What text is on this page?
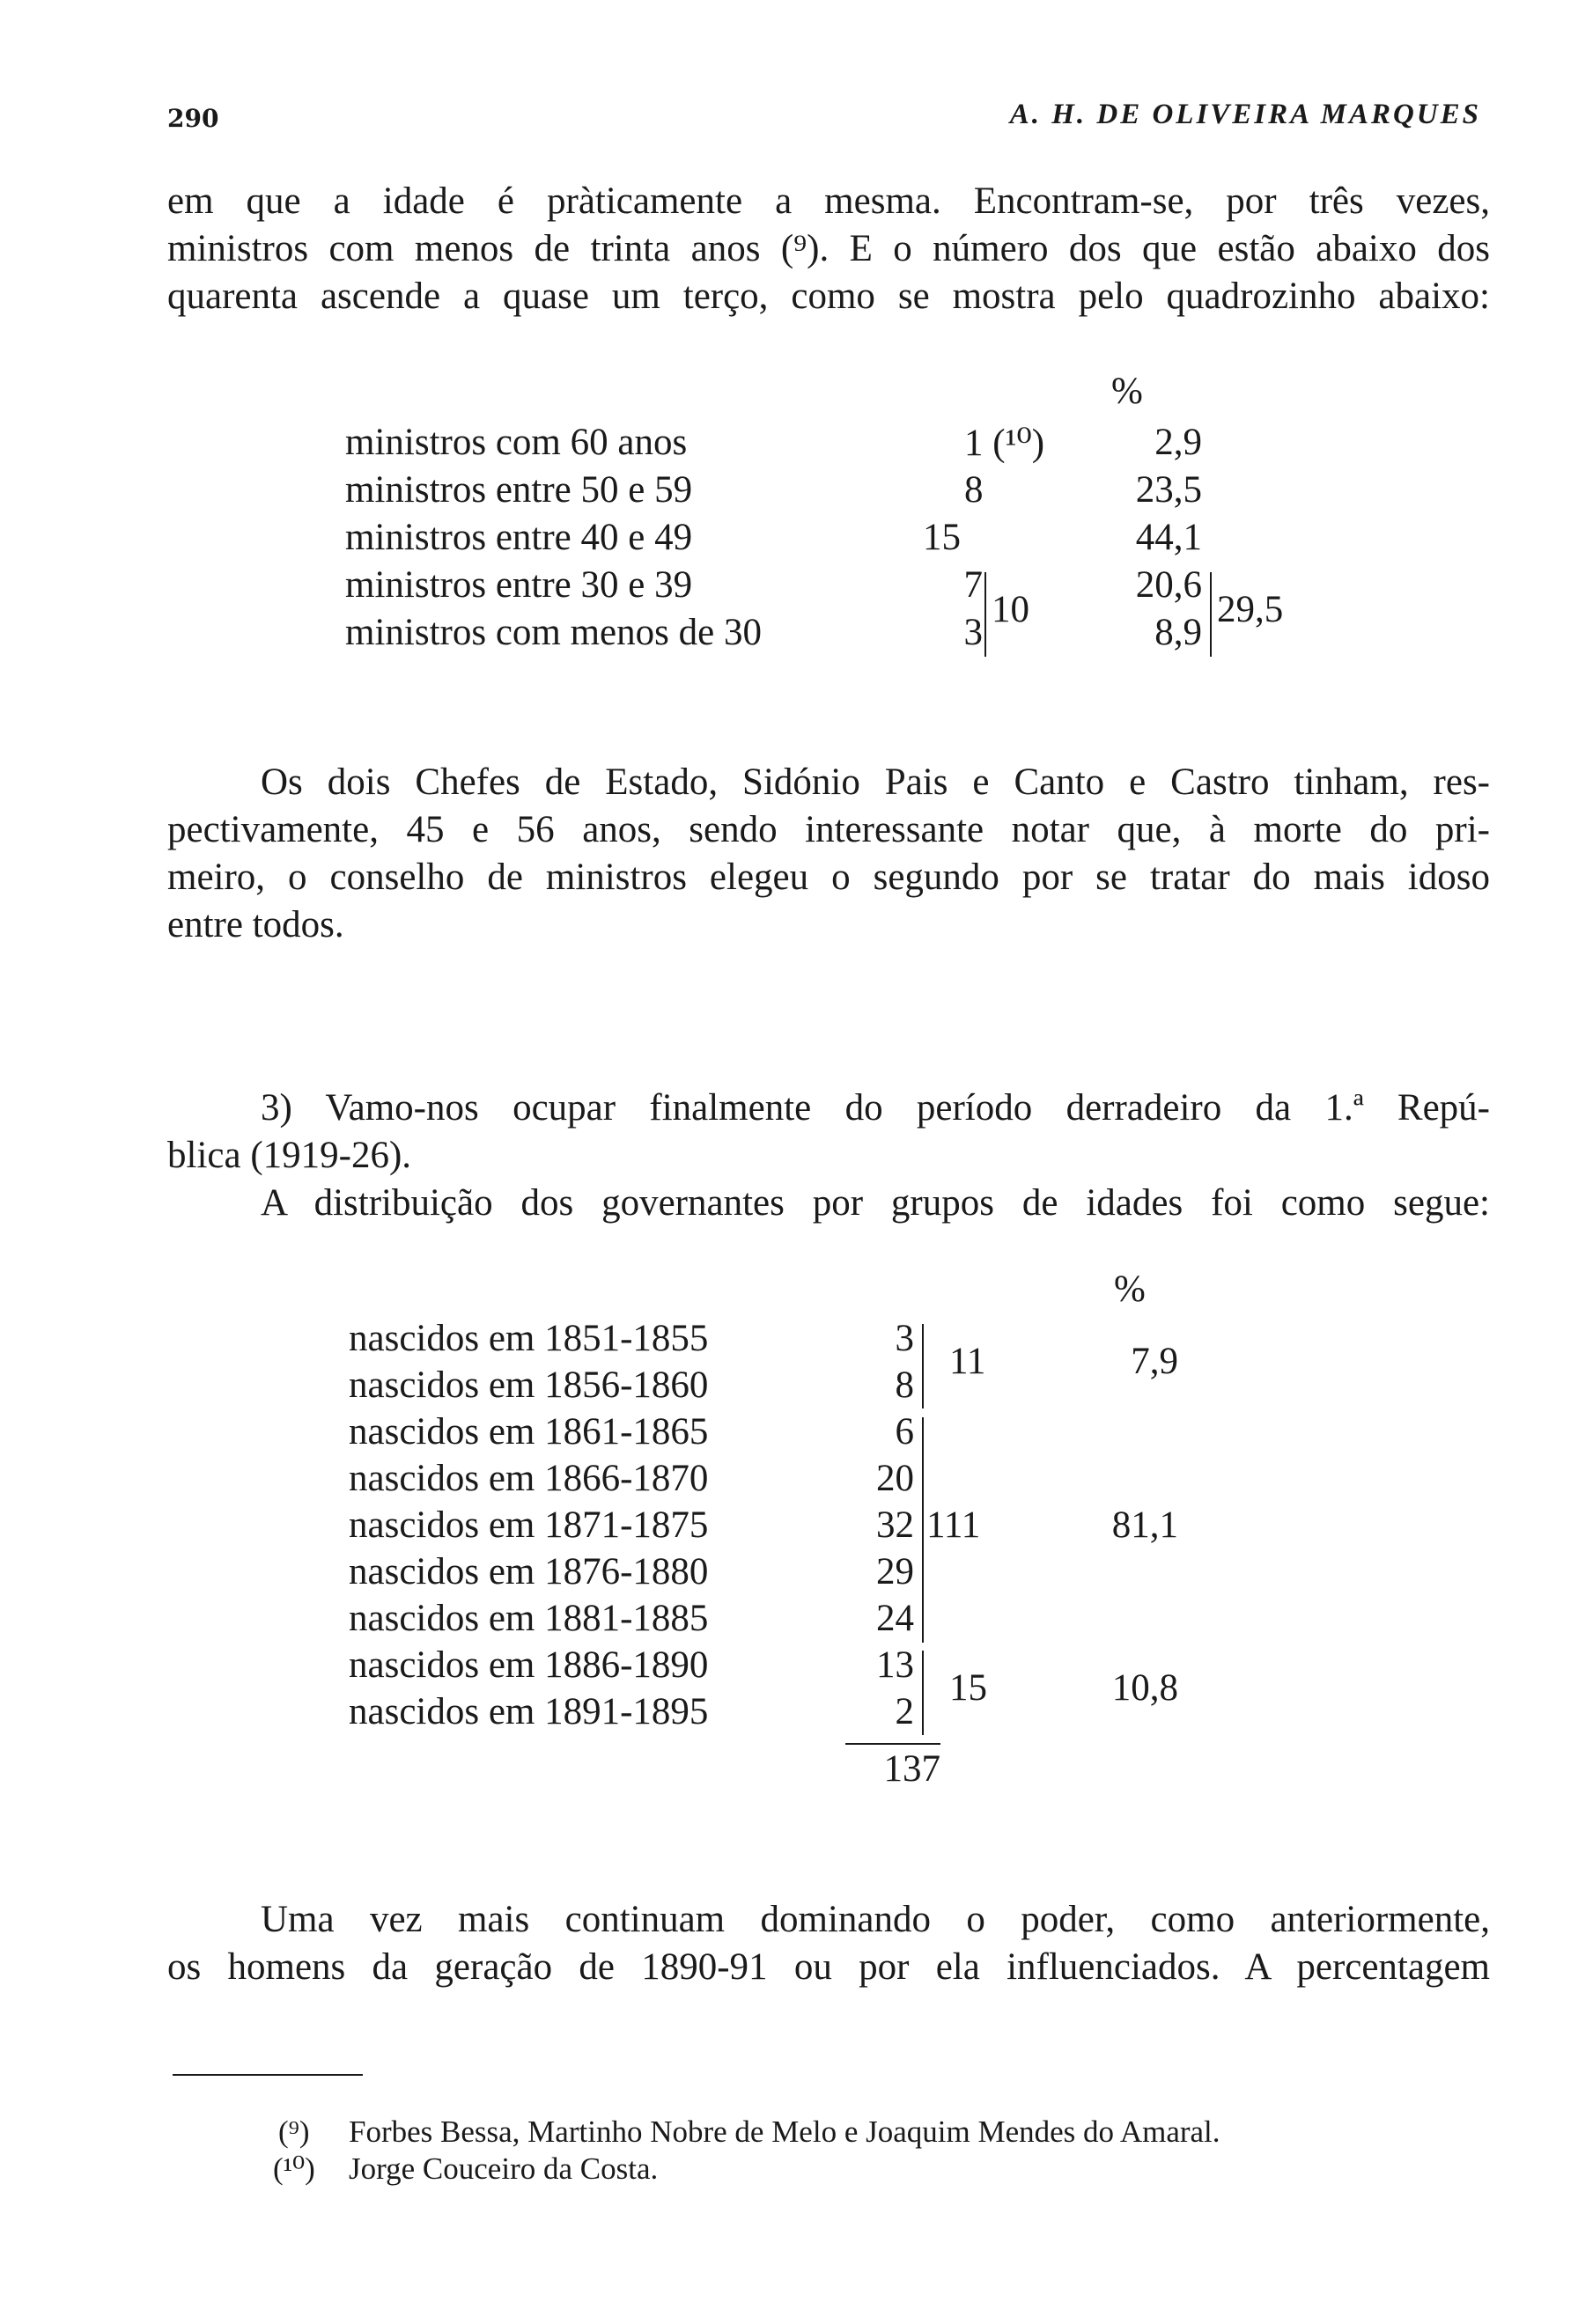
290	A. H. DE OLIVEIRA MARQUES
em que a idade é pràticamente a mesma. Encontram-se, por três vezes,
ministros com menos de trinta anos (⁹). E o número dos que estão abaixo dos
quarenta ascende a quase um terço, como se mostra pelo quadrozinho abaixo:
%
ministros com 60 anos
ministros entre 50 e 59
ministros entre 40 e 49
ministros entre 30 e 39
ministros com menos de 30
1 (¹⁰)
8
15
7
3
2,9
23,5
44,1
20,6
8,9
10	29,5
Os dois Chefes de Estado, Sidónio Pais e Canto e Castro tinham, res-
pectivamente, 45 e 56 anos, sendo interessante notar que, à morte do pri-
meiro, o conselho de ministros elegeu o segundo por se tratar do mais idoso
entre todos.
3) Vamo-nos ocupar finalmente do período derradeiro da 1.ª Repú-
blica (1919-26).
A distribuição dos governantes por grupos de idades foi como segue:
%
nascidos em 1851-1855
nascidos em 1856-1860
nascidos em 1861-1865
nascidos em 1866-1870
nascidos em 1871-1875
nascidos em 1876-1880
nascidos em 1881-1885
nascidos em 1886-1890
nascidos em 1891-1895
3
8
6
20
32
29
24
13
2
11
111
15
7,9
81,1
10,8
137
Uma vez mais continuam dominando o poder, como anteriormente,
os homens da geração de 1890-91 ou por ela influenciados. A percentagem
(⁹) Forbes Bessa, Martinho Nobre de Melo e Joaquim Mendes do Amaral.
(¹⁰) Jorge Couceiro da Costa.
